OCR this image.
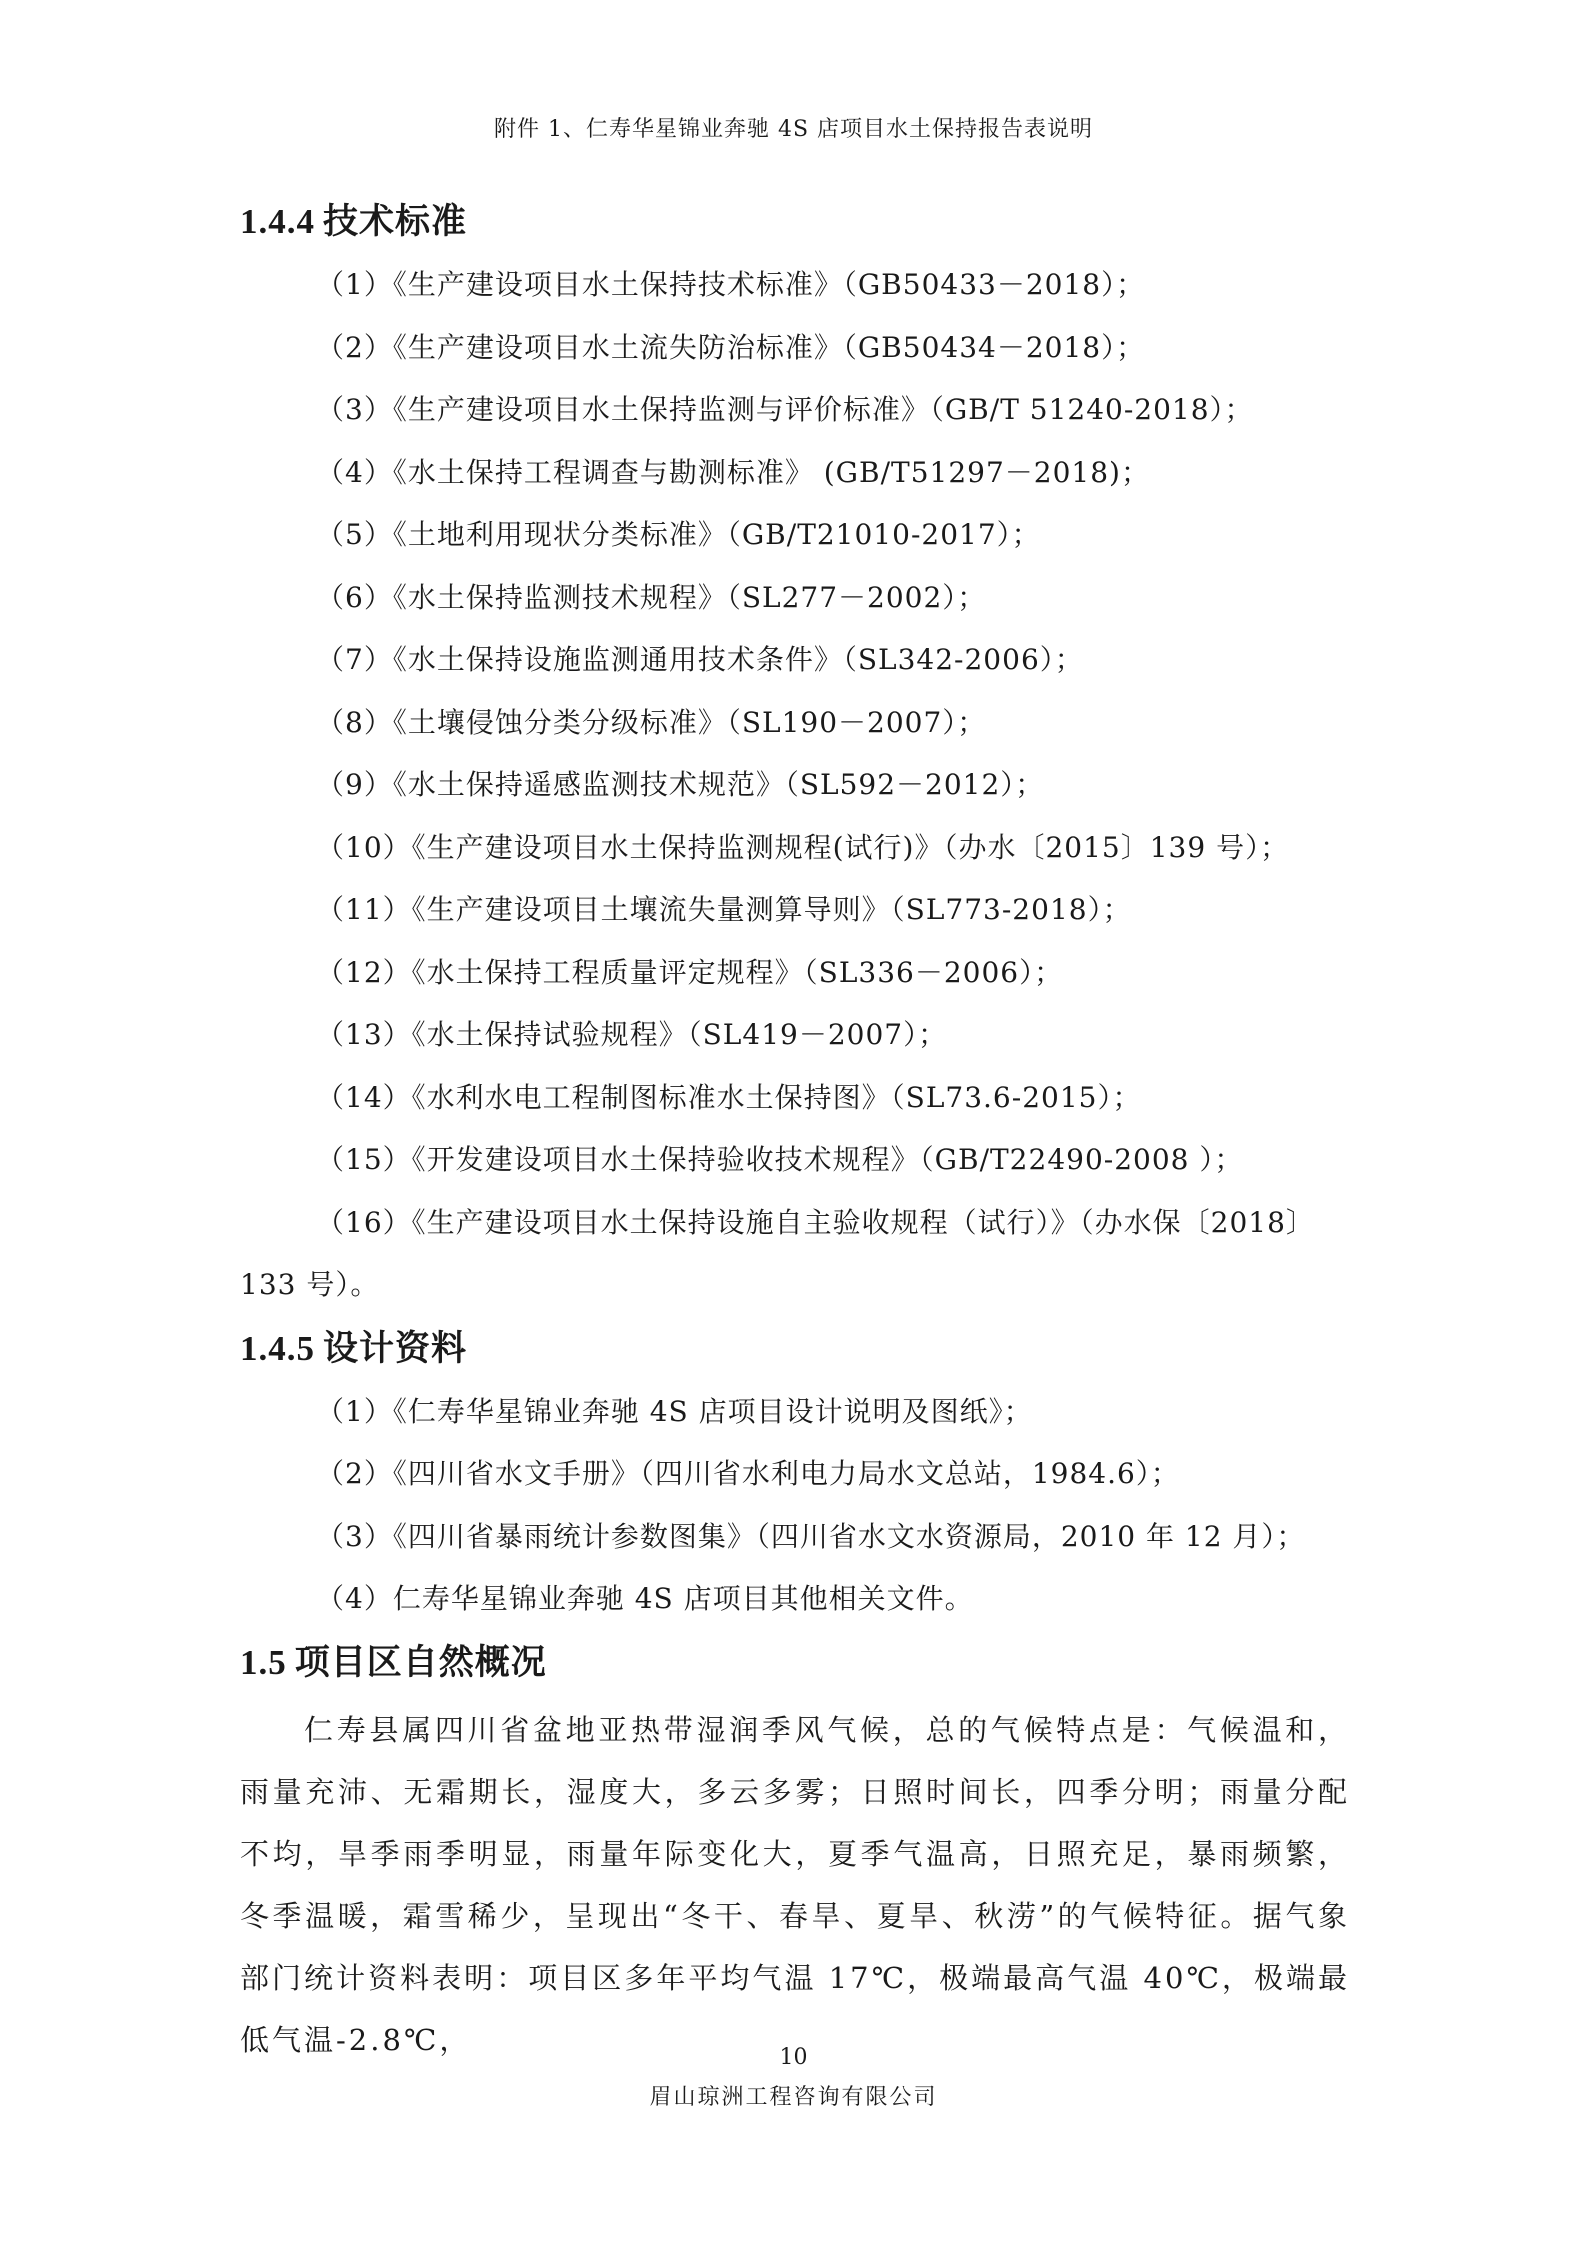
附件 1、仁寿华星锦业奔驰 4S 店项目水土保持报告表说明
1.4.4 技术标准
（1）《生产建设项目水土保持技术标准》（GB50433－2018）；
（2）《生产建设项目水土流失防治标准》（GB50434－2018）；
（3）《生产建设项目水土保持监测与评价标准》（GB/T 51240-2018）；
（4）《水土保持工程调查与勘测标准》 (GB/T51297－2018)；
（5）《土地利用现状分类标准》（GB/T21010-2017）；
（6）《水土保持监测技术规程》（SL277－2002）；
（7）《水土保持设施监测通用技术条件》（SL342-2006）；
（8）《土壤侵蚀分类分级标准》（SL190－2007）；
（9）《水土保持遥感监测技术规范》（SL592－2012）；
（10）《生产建设项目水土保持监测规程(试行)》（办水〔2015〕139 号）；
（11）《生产建设项目土壤流失量测算导则》（SL773-2018）；
（12）《水土保持工程质量评定规程》（SL336－2006）；
（13）《水土保持试验规程》（SL419－2007）；
（14）《水利水电工程制图标准水土保持图》（SL73.6-2015）；
（15）《开发建设项目水土保持验收技术规程》（GB/T22490-2008 ）；
（16）《生产建设项目水土保持设施自主验收规程（试行）》（办水保〔2018〕133 号）。
1.4.5 设计资料
（1）《仁寿华星锦业奔驰 4S 店项目设计说明及图纸》；
（2）《四川省水文手册》（四川省水利电力局水文总站，1984.6）；
（3）《四川省暴雨统计参数图集》（四川省水文水资源局，2010 年 12 月）；
（4）仁寿华星锦业奔驰 4S 店项目其他相关文件。
1.5 项目区自然概况
仁寿县属四川省盆地亚热带湿润季风气候，总的气候特点是：气候温和，雨量充沛、无霜期长，湿度大，多云多雾；日照时间长，四季分明；雨量分配不均，旱季雨季明显，雨量年际变化大，夏季气温高，日照充足，暴雨频繁，冬季温暖，霜雪稀少，呈现出“冬干、春旱、夏旱、秋涝”的气候特征。据气象部门统计资料表明：项目区多年平均气温 17℃，极端最高气温 40℃，极端最低气温-2.8℃，
10
眉山琼洲工程咨询有限公司
